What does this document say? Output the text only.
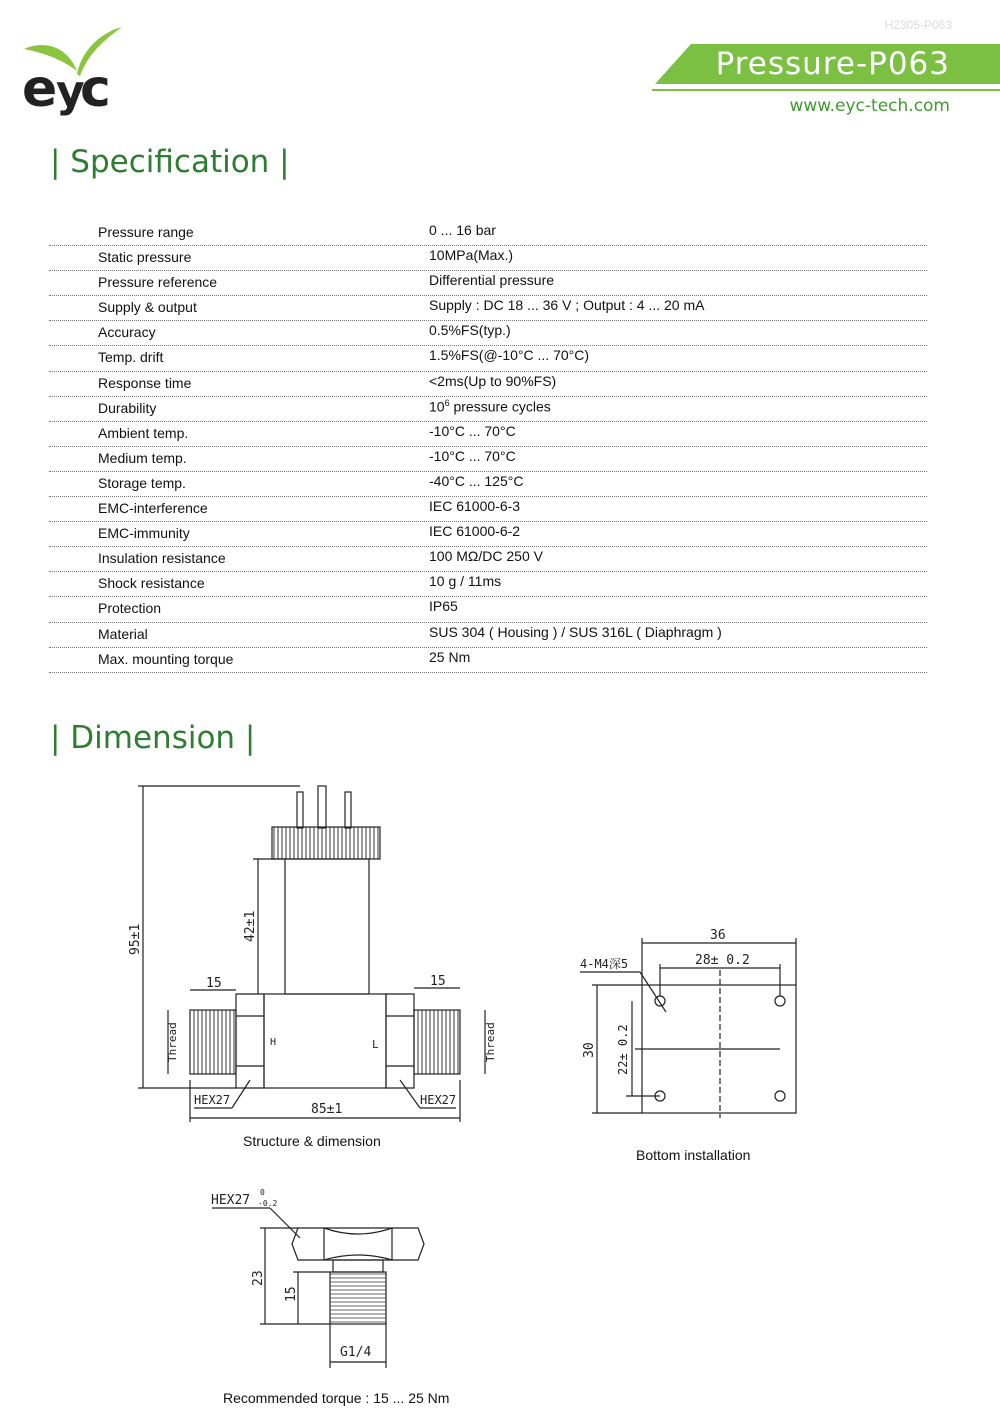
H2305-P063
e
y
c	Pressure-P063
www.eyc-tech.com
| Specification |
Pressure range	0 ... 16 bar
Static pressure	10MPa(Max.)
Pressure reference	Differential pressure
Supply & output	Supply : DC 18 ... 36 V ; Output : 4 ... 20 mA
Accuracy	0.5%FS(typ.)
Temp. drift	1.5%FS(@-10°C ... 70°C)
Response time	<2ms(Up to 90%FS)
Durability	$10^6$ pressure cycles
Ambient temp.	-10°C ... 70°C
Medium temp.	-10°C ... 70°C
Storage temp.	-40°C ... 125°C
EMC-interference	IEC 61000-6-3
EMC-immunity	IEC 61000-6-2
Insulation resistance	100 MΩ/DC 250 V
Shock resistance	10 g / 11ms
Protection	IP65
Material	SUS 304 ( Housing ) / SUS 316L ( Diaphragm )
Max. mounting torque	25 Nm
| Dimension |
95±1	42±1
15	15
85±1
HEX27	HEX27
Thread	Thread
H	L
Structure & dimension
36
28± 0.2
4-M4深5
30 22± 0.2
Bottom installation
HEX27
0
-0.2
23
15
G1/4
Recommended torque : 15 ... 25 Nm
